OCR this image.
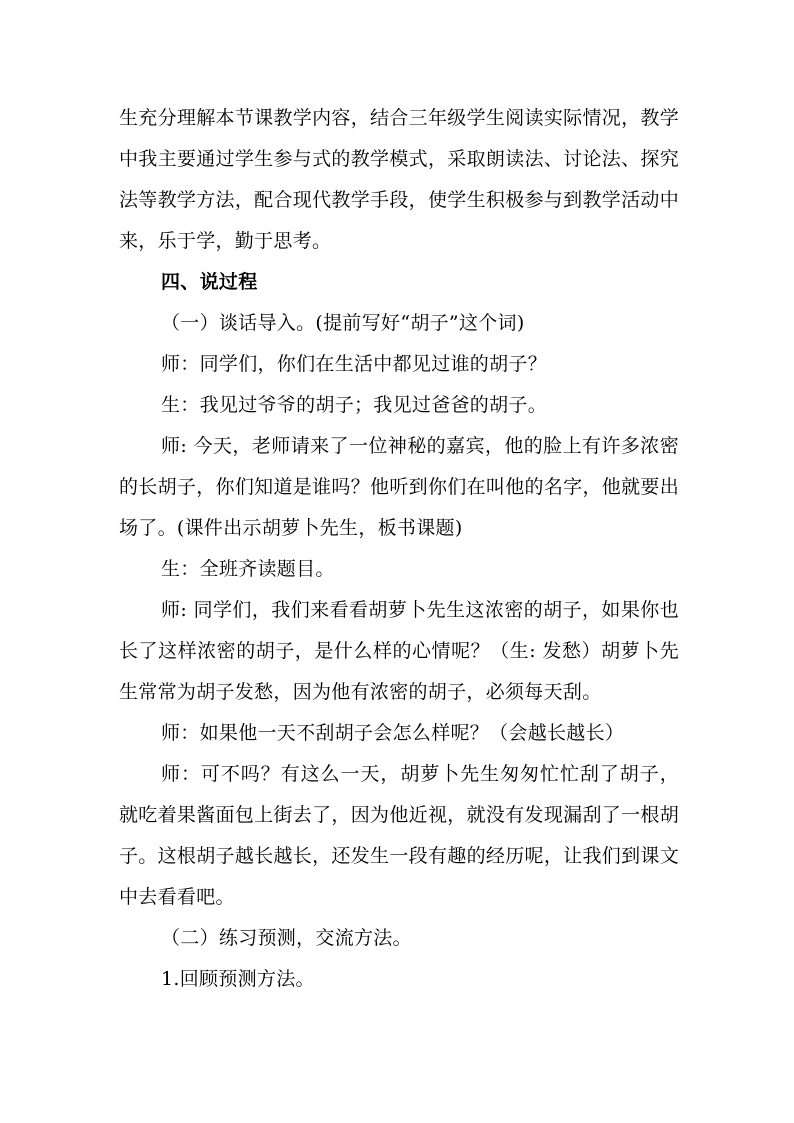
生充分理解本节课教学内容，结合三年级学生阅读实际情况，教学中我主要通过学生参与式的教学模式，采取朗读法、讨论法、探究法等教学方法，配合现代教学手段，使学生积极参与到教学活动中来，乐于学，勤于思考。

四、说过程

（一）谈话导入。(提前写好“胡子”这个词)

师：同学们，你们在生活中都见过谁的胡子？

生：我见过爷爷的胡子；我见过爸爸的胡子。

师: 今天，老师请来了一位神秘的嘉宾，他的脸上有许多浓密的长胡子，你们知道是谁吗？他听到你们在叫他的名字，他就要出场了。(课件出示胡萝卜先生，板书课题)

生：全班齐读题目。

师: 同学们，我们来看看胡萝卜先生这浓密的胡子，如果你也长了这样浓密的胡子，是什么样的心情呢？（生: 发愁）胡萝卜先生常常为胡子发愁，因为他有浓密的胡子，必须每天刮。

师：如果他一天不刮胡子会怎么样呢？（会越长越长）

师：可不吗？有这么一天，胡萝卜先生匆匆忙忙刮了胡子，就吃着果酱面包上街去了，因为他近视，就没有发现漏刮了一根胡子。这根胡子越长越长，还发生一段有趣的经历呢，让我们到课文中去看看吧。

（二）练习预测，交流方法。

1.回顾预测方法。
